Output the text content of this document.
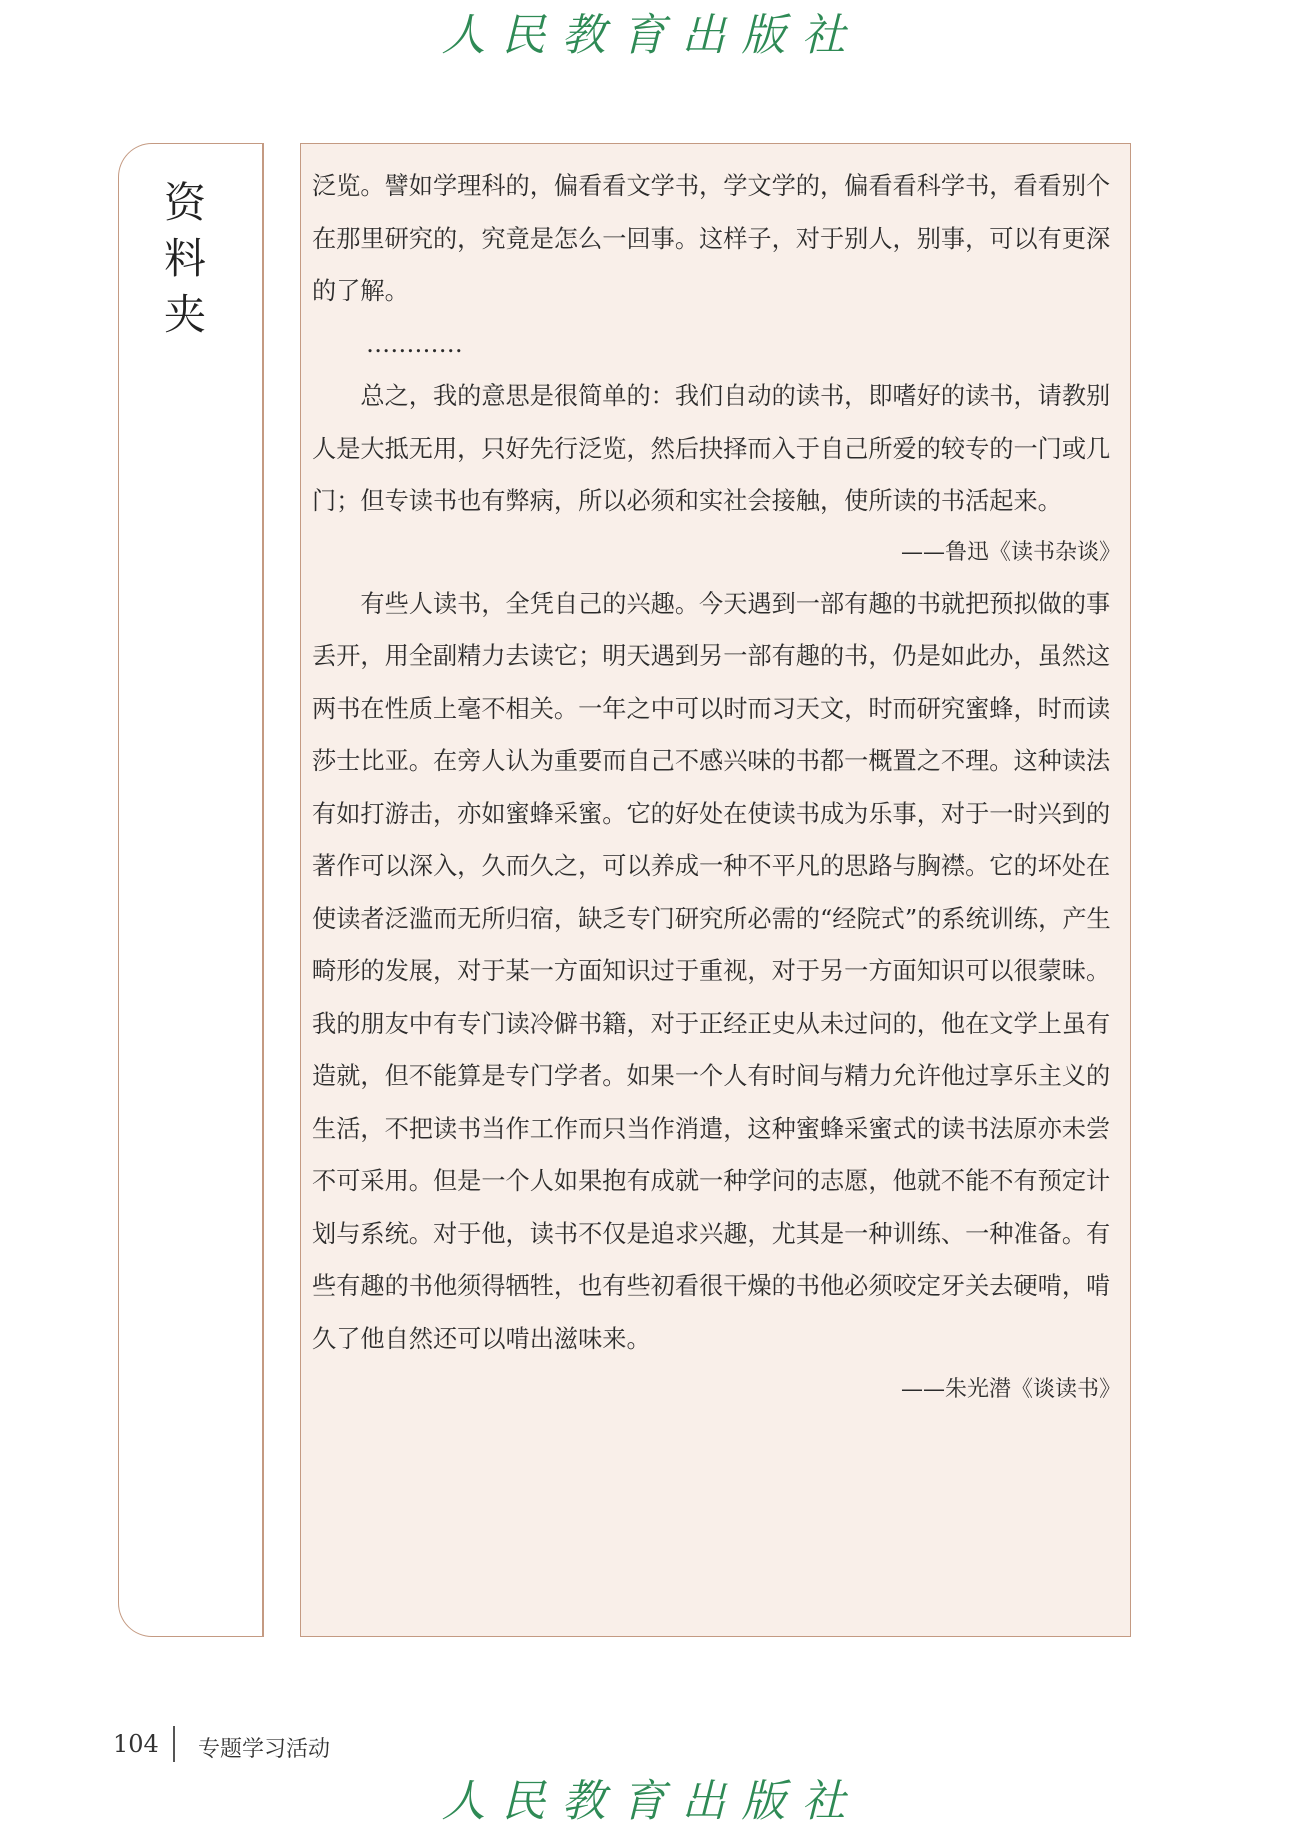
人民教育出版社
资
料
夹

泛览。譬如学理科的，偏看看文学书，学文学的，偏看看科学书，看看别个在那里研究的，究竟是怎么一回事。这样子，对于别人，别事，可以有更深的了解。

…………

总之，我的意思是很简单的：我们自动的读书，即嗜好的读书，请教别人是大抵无用，只好先行泛览，然后抉择而入于自己所爱的较专的一门或几门；但专读书也有弊病，所以必须和实社会接触，使所读的书活起来。

——鲁迅《读书杂谈》

有些人读书，全凭自己的兴趣。今天遇到一部有趣的书就把预拟做的事丢开，用全副精力去读它；明天遇到另一部有趣的书，仍是如此办，虽然这两书在性质上毫不相关。一年之中可以时而习天文，时而研究蜜蜂，时而读莎士比亚。在旁人认为重要而自己不感兴味的书都一概置之不理。这种读法有如打游击，亦如蜜蜂采蜜。它的好处在使读书成为乐事，对于一时兴到的著作可以深入，久而久之，可以养成一种不平凡的思路与胸襟。它的坏处在使读者泛滥而无所归宿，缺乏专门研究所必需的“经院式”的系统训练，产生畸形的发展，对于某一方面知识过于重视，对于另一方面知识可以很蒙昧。我的朋友中有专门读冷僻书籍，对于正经正史从未过问的，他在文学上虽有造就，但不能算是专门学者。如果一个人有时间与精力允许他过享乐主义的生活，不把读书当作工作而只当作消遣，这种蜜蜂采蜜式的读书法原亦未尝不可采用。但是一个人如果抱有成就一种学问的志愿，他就不能不有预定计划与系统。对于他，读书不仅是追求兴趣，尤其是一种训练、一种准备。有些有趣的书他须得牺牲，也有些初看很干燥的书他必须咬定牙关去硬啃，啃久了他自然还可以啃出滋味来。

——朱光潜《谈读书》

104 专题学习活动
人民教育出版社
